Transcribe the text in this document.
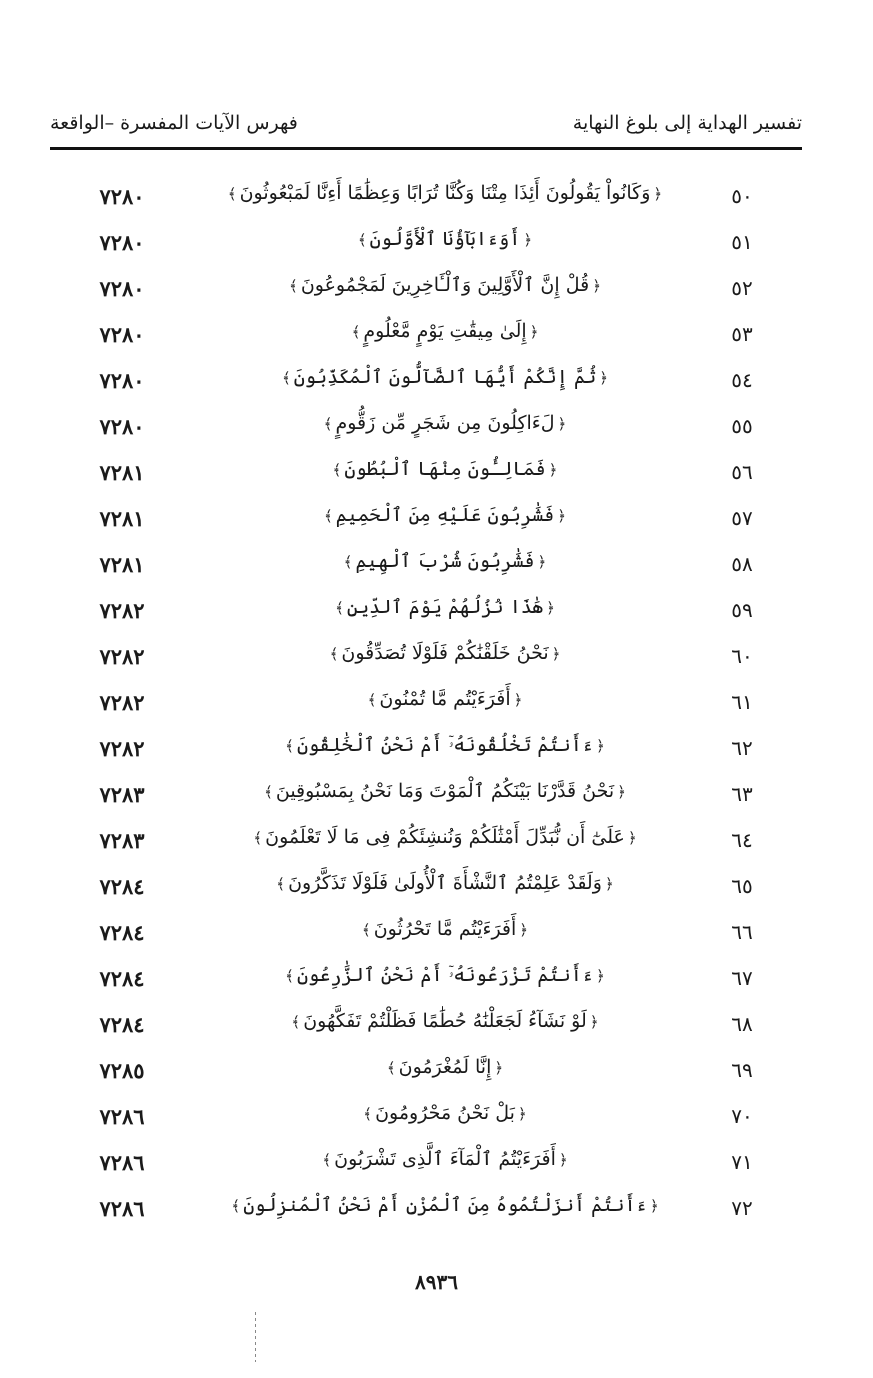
تفسير الهداية إلى بلوغ النهاية
فهرس الآيات المفسرة –الواقعة
٥٠
﴿وَكَانُواْ يَقُولُونَ أَئِذَا مِتْنَا وَكُنَّا تُرَابًا وَعِظَٰمًا أَءِنَّا لَمَبْعُوثُونَ﴾
٧٢٨٠
٥١
﴿أَوَءَابَآؤُنَا ٱلْأَوَّلُونَ﴾
٧٢٨٠
٥٢
﴿قُلْ إِنَّ ٱلْأَوَّلِينَ وَٱلْـَٔاخِرِينَ لَمَجْمُوعُونَ﴾
٧٢٨٠
٥٣
﴿إِلَىٰ مِيقَٰتِ يَوْمٍ مَّعْلُومٍ﴾
٧٢٨٠
٥٤
﴿ثُمَّ إِنَّكُمْ أَيُّهَا ٱلضَّآلُّونَ ٱلْمُكَذِّبُونَ﴾
٧٢٨٠
٥٥
﴿لَءَاكِلُونَ مِن شَجَرٍ مِّن زَقُّومٍ﴾
٧٢٨٠
٥٦
﴿فَمَالِـُٔونَ مِنْهَا ٱلْبُطُونَ﴾
٧٢٨١
٥٧
﴿فَشَٰرِبُونَ عَلَيْهِ مِنَ ٱلْحَمِيمِ﴾
٧٢٨١
٥٨
﴿فَشَٰرِبُونَ شُرْبَ ٱلْهِيمِ﴾
٧٢٨١
٥٩
﴿هَٰذَا نُزُلُهُمْ يَوْمَ ٱلدِّينِ﴾
٧٢٨٢
٦٠
﴿نَحْنُ خَلَقْنَٰكُمْ فَلَوْلَا تُصَدِّقُونَ﴾
٧٢٨٢
٦١
﴿أَفَرَءَيْتُم مَّا تُمْنُونَ﴾
٧٢٨٢
٦٢
﴿ءَأَنتُمْ تَخْلُقُونَهُۥٓ أَمْ نَحْنُ ٱلْخَٰلِقُونَ﴾
٧٢٨٢
٦٣
﴿نَحْنُ قَدَّرْنَا بَيْنَكُمُ ٱلْمَوْتَ وَمَا نَحْنُ بِمَسْبُوقِينَ﴾
٧٢٨٣
٦٤
﴿عَلَىٰٓ أَن نُّبَدِّلَ أَمْثَٰلَكُمْ وَنُنشِئَكُمْ فِى مَا لَا تَعْلَمُونَ﴾
٧٢٨٣
٦٥
﴿وَلَقَدْ عَلِمْتُمُ ٱلنَّشْأَةَ ٱلْأُولَىٰ فَلَوْلَا تَذَكَّرُونَ﴾
٧٢٨٤
٦٦
﴿أَفَرَءَيْتُم مَّا تَحْرُثُونَ﴾
٧٢٨٤
٦٧
﴿ءَأَنتُمْ تَزْرَعُونَهُۥٓ أَمْ نَحْنُ ٱلزَّٰرِعُونَ﴾
٧٢٨٤
٦٨
﴿لَوْ نَشَآءُ لَجَعَلْنَٰهُ حُطَٰمًا فَظَلْتُمْ تَفَكَّهُونَ﴾
٧٢٨٤
٦٩
﴿إِنَّا لَمُغْرَمُونَ﴾
٧٢٨٥
٧٠
﴿بَلْ نَحْنُ مَحْرُومُونَ﴾
٧٢٨٦
٧١
﴿أَفَرَءَيْتُمُ ٱلْمَآءَ ٱلَّذِى تَشْرَبُونَ﴾
٧٢٨٦
٧٢
﴿ءَأَنتُمْ أَنزَلْتُمُوهُ مِنَ ٱلْمُزْنِ أَمْ نَحْنُ ٱلْمُنزِلُونَ﴾
٧٢٨٦
٨٩٣٦
